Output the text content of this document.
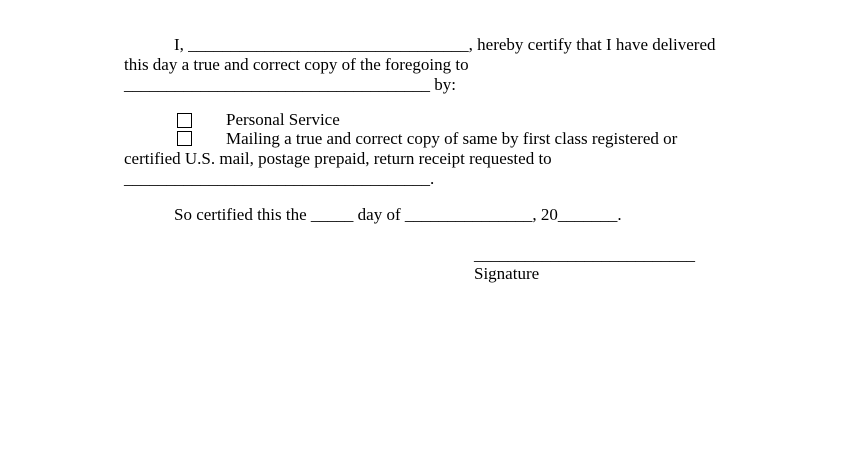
I, _________________________________, hereby certify that I have delivered
this day a true and correct copy of the foregoing to
____________________________________ by:
Personal Service
Mailing a true and correct copy of same by first class registered or
certified U.S. mail, postage prepaid, return receipt requested to
____________________________________.
So certified this the _____ day of _______________, 20_______.
__________________________
Signature
